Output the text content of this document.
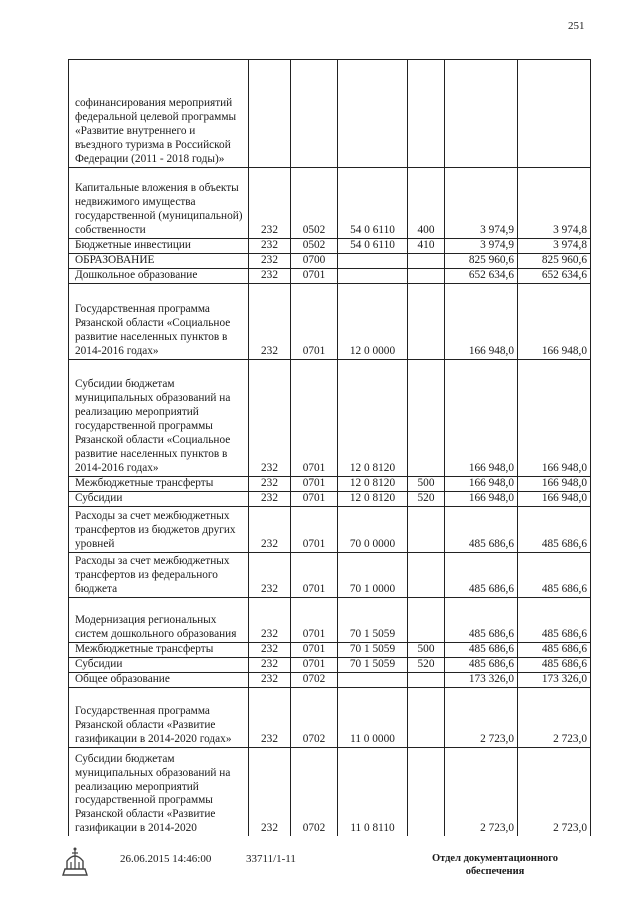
251
софинансирования мероприятий федеральной целевой программы «Развитие внутреннего и въездного туризма в Российской Федерации (2011 - 2018 годы)»						
Капитальные вложения в объекты недвижимого имущества государственной (муниципальной) собственности	232	0502	54 0 6110	400	3 974,9	3 974,8
Бюджетные инвестиции	232	0502	54 0 6110	410	3 974,9	3 974,8
ОБРАЗОВАНИЕ	232	0700			825 960,6	825 960,6
Дошкольное образование	232	0701			652 634,6	652 634,6
Государственная программа Рязанской области «Социальное развитие населенных пунктов в 2014-2016 годах»	232	0701	12 0 0000		166 948,0	166 948,0
Субсидии бюджетам муниципальных образований на реализацию мероприятий государственной программы Рязанской области «Социальное развитие населенных пунктов в 2014-2016 годах»	232	0701	12 0 8120		166 948,0	166 948,0
Межбюджетные трансферты	232	0701	12 0 8120	500	166 948,0	166 948,0
Субсидии	232	0701	12 0 8120	520	166 948,0	166 948,0
Расходы за счет межбюджетных трансфертов из бюджетов других уровней	232	0701	70 0 0000		485 686,6	485 686,6
Расходы за счет межбюджетных трансфертов из федерального бюджета	232	0701	70 1 0000		485 686,6	485 686,6
Модернизация региональных систем дошкольного образования	232	0701	70 1 5059		485 686,6	485 686,6
Межбюджетные трансферты	232	0701	70 1 5059	500	485 686,6	485 686,6
Субсидии	232	0701	70 1 5059	520	485 686,6	485 686,6
Общее образование	232	0702			173 326,0	173 326,0
Государственная программа Рязанской области «Развитие газификации в 2014-2020 годах»	232	0702	11 0 0000		2 723,0	2 723,0
Субсидии бюджетам муниципальных образований на реализацию мероприятий государственной программы Рязанской области «Развитие газификации в 2014-2020	232	0702	11 0 8110		2 723,0	2 723,0
26.06.2015 14:46:00	33711/1-11	Отдел документационного обеспечения
